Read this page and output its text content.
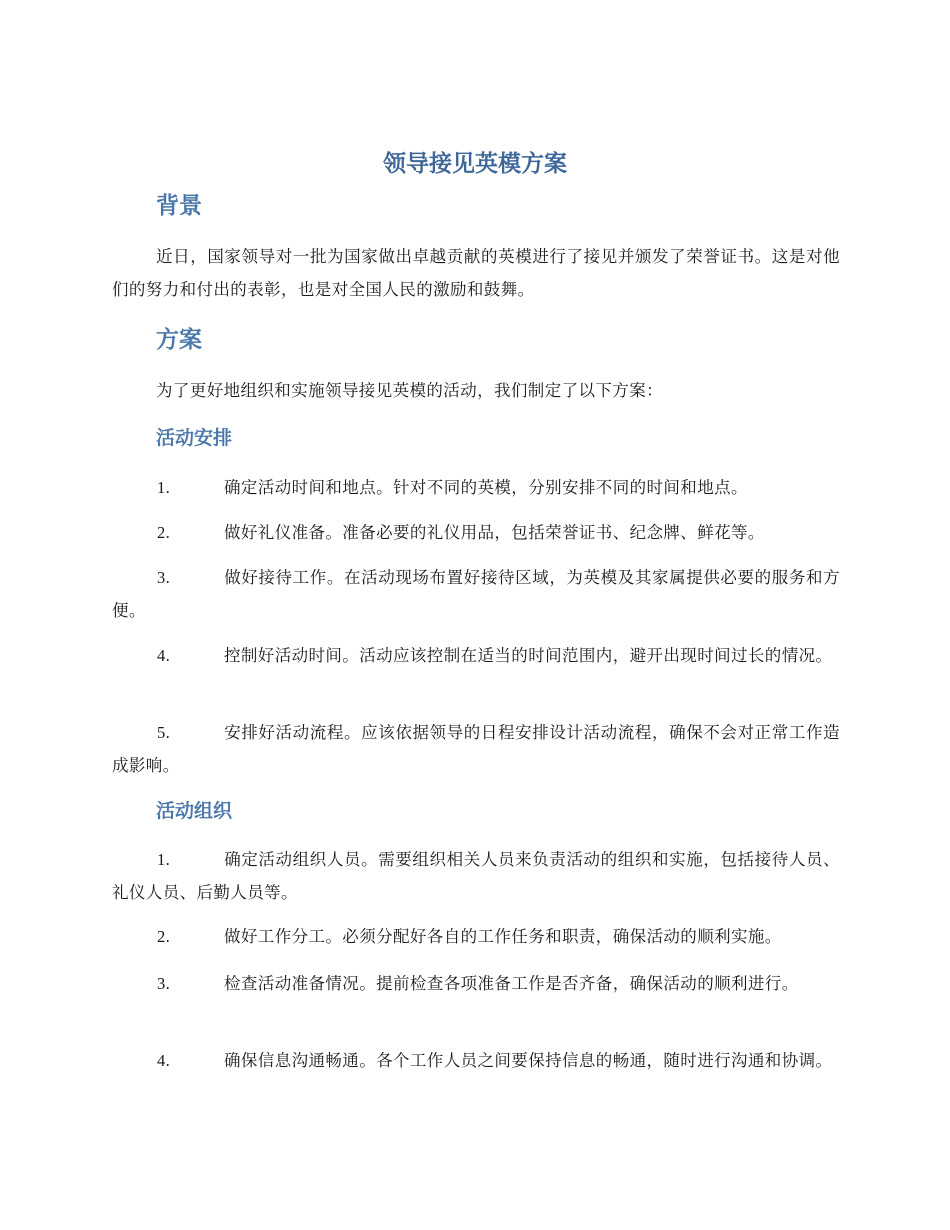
领导接见英模方案
背景
近日，国家领导对一批为国家做出卓越贡献的英模进行了接见并颁发了荣誉证书。这是对他们的努力和付出的表彰，也是对全国人民的激励和鼓舞。
方案
为了更好地组织和实施领导接见英模的活动，我们制定了以下方案：
活动安排
1.	确定活动时间和地点。针对不同的英模，分别安排不同的时间和地点。
2.	做好礼仪准备。准备必要的礼仪用品，包括荣誉证书、纪念牌、鲜花等。
3.	做好接待工作。在活动现场布置好接待区域，为英模及其家属提供必要的服务和方便。
4.	控制好活动时间。活动应该控制在适当的时间范围内，避开出现时间过长的情况。
5.	安排好活动流程。应该依据领导的日程安排设计活动流程，确保不会对正常工作造成影响。
活动组织
1.	确定活动组织人员。需要组织相关人员来负责活动的组织和实施，包括接待人员、礼仪人员、后勤人员等。
2.	做好工作分工。必须分配好各自的工作任务和职责，确保活动的顺利实施。
3.	检查活动准备情况。提前检查各项准备工作是否齐备，确保活动的顺利进行。
4.	确保信息沟通畅通。各个工作人员之间要保持信息的畅通，随时进行沟通和协调。
